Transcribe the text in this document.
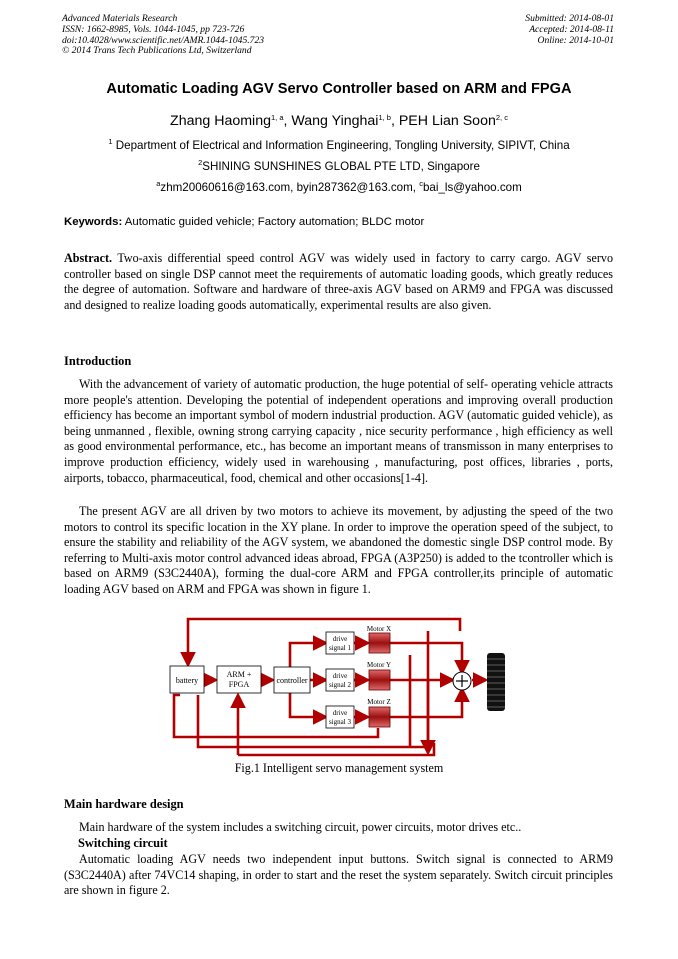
Advanced Materials Research
ISSN: 1662-8985, Vols. 1044-1045, pp 723-726
doi:10.4028/www.scientific.net/AMR.1044-1045.723
© 2014 Trans Tech Publications Ltd, Switzerland
Submitted: 2014-08-01
Accepted: 2014-08-11
Online: 2014-10-01
Automatic Loading AGV Servo Controller based on ARM and FPGA
Zhang Haoming$^{1, a}$, Wang Yinghai$^{1, b}$, PEH Lian Soon$^{2, c}$
$^1$ Department of Electrical and Information Engineering, Tongling University, SIPIVT, China
$^2$SHINING SUNSHINES GLOBAL PTE LTD, Singapore
$^a$zhm20060616@163.com, byin287362@163.com, $^c$bai_ls@yahoo.com
Keywords: Automatic guided vehicle; Factory automation; BLDC motor
Abstract. Two-axis differential speed control AGV was widely used in factory to carry cargo. AGV servo controller based on single DSP cannot meet the requirements of automatic loading goods, which greatly reduces the degree of automation. Software and hardware of three-axis AGV based on ARM9 and FPGA was discussed and designed to realize loading goods automatically, experimental results are also given.
Introduction
With the advancement of variety of automatic production, the huge potential of self- operating vehicle attracts more people's attention. Developing the potential of independent operations and improving overall production efficiency has become an important symbol of modern industrial production. AGV (automatic guided vehicle), as being unmanned , flexible, owning strong carrying capacity , nice security performance , high efficiency as well as good environmental performance, etc., has become an important means of transmisson in many enterprises to improve production efficiency, widely used in warehousing , manufacturing, post offices, libraries , ports, airports, tobacco, pharmaceutical, food, chemical and other occasions[1-4].
The present AGV are all driven by two motors to achieve its movement, by adjusting the speed of the two motors to control its specific location in the XY plane. In order to improve the operation speed of the subject, to ensure the stability and reliability of the AGV system, we abandoned the domestic single DSP control mode. By referring to Multi-axis motor control advanced ideas abroad, FPGA (A3P250) is added to the tcontroller which is based on ARM9 (S3C2440A), forming the dual-core ARM and FPGA controller,its principle of automatic loading AGV based on ARM and FPGA was shown in figure 1.
battery
ARM +
FPGA	controller
drive
signal 1
drive
signal 2
drive
signal 3
Motor X
Motor Y
Motor Z
Fig.1 Intelligent servo management system
Main hardware design
Main hardware of the system includes a switching circuit, power circuits, motor drives etc..
Switching circuit
Automatic loading AGV needs two independent input buttons. Switch signal is connected to ARM9 (S3C2440A) after 74VC14 shaping, in order to start and the reset the system separately. Switch circuit principles are shown in figure 2.
